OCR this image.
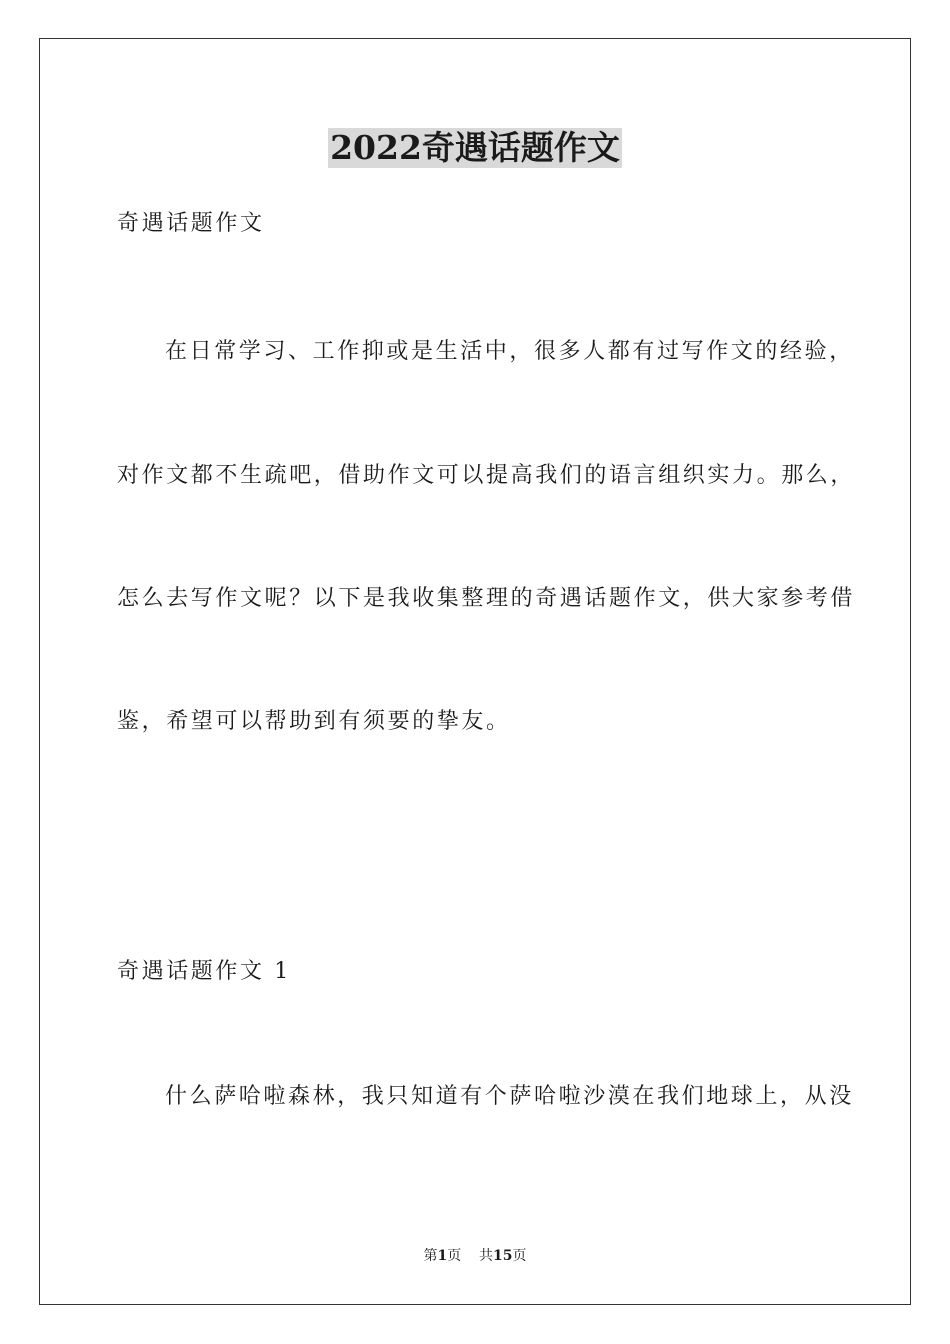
2022奇遇话题作文
奇遇话题作文
在日常学习、工作抑或是生活中，很多人都有过写作文的经验，
对作文都不生疏吧，借助作文可以提高我们的语言组织实力。那么，
怎么去写作文呢？以下是我收集整理的奇遇话题作文，供大家参考借
鉴，希望可以帮助到有须要的挚友。
奇遇话题作文 1
什么萨哈啦森林，我只知道有个萨哈啦沙漠在我们地球上，从没
第1页    共15页
